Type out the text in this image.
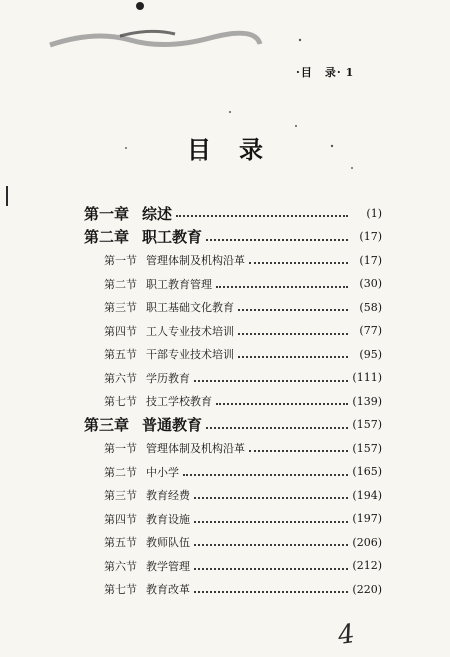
·目　录· 1
目录
第一章 综述	(1)
第二章 职工教育	(17)
第一节 管理体制及机构沿革	(17)
第二节 职工教育管理	(30)
第三节 职工基础文化教育	(58)
第四节 工人专业技术培训	(77)
第五节 干部专业技术培训	(95)
第六节 学历教育	(111)
第七节 技工学校教育	(139)
第三章 普通教育	(157)
第一节 管理体制及机构沿革	(157)
第二节 中小学	(165)
第三节 教育经费	(194)
第四节 教育设施	(197)
第五节 教师队伍	(206)
第六节 教学管理	(212)
第七节 教育改革	(220)
4
